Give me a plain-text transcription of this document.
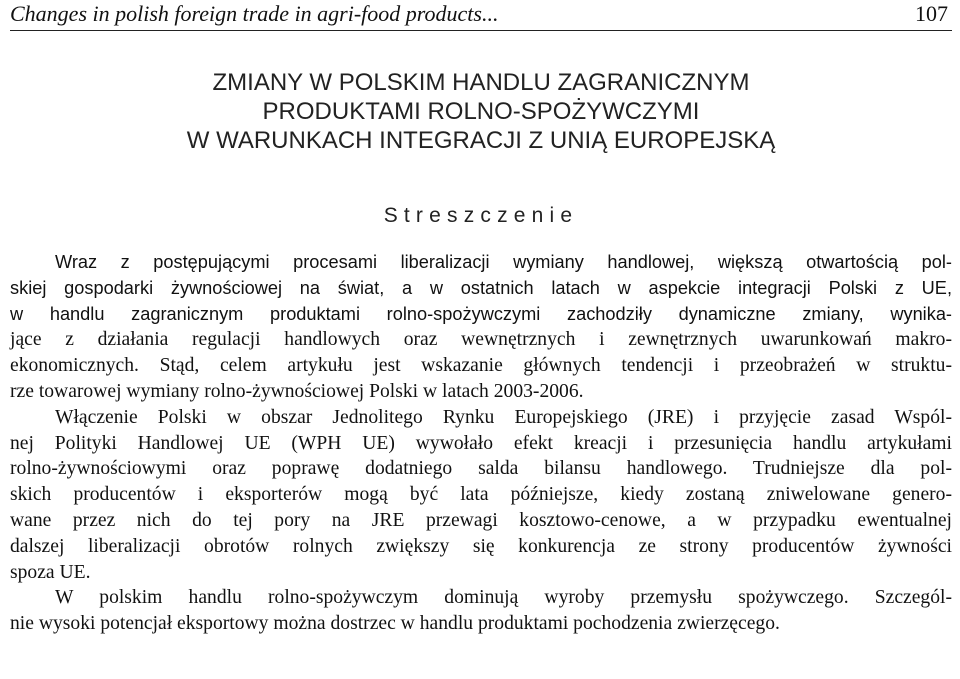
Changes in polish foreign trade in agri-food products...	107
ZMIANY W POLSKIM HANDLU ZAGRANICZNYM
PRODUKTAMI ROLNO-SPOŻYWCZYMI
W WARUNKACH INTEGRACJI Z UNIĄ EUROPEJSKĄ
Streszczenie
Wraz z postępującymi procesami liberalizacji wymiany handlowej, większą otwartością pol-
skiej gospodarki żywnościowej na świat, a w ostatnich latach w aspekcie integracji Polski z UE,
w handlu zagranicznym produktami rolno-spożywczymi zachodziły dynamiczne zmiany, wynika-
jące z działania regulacji handlowych oraz wewnętrznych i zewnętrznych uwarunkowań makro-
ekonomicznych. Stąd, celem artykułu jest wskazanie głównych tendencji i przeobrażeń w struktu-
rze towarowej wymiany rolno-żywnościowej Polski w latach 2003-2006.
Włączenie Polski w obszar Jednolitego Rynku Europejskiego (JRE) i przyjęcie zasad Wspól-
nej Polityki Handlowej UE (WPH UE) wywołało efekt kreacji i przesunięcia handlu artykułami
rolno-żywnościowymi oraz poprawę dodatniego salda bilansu handlowego. Trudniejsze dla pol-
skich producentów i eksporterów mogą być lata późniejsze, kiedy zostaną zniwelowane genero-
wane przez nich do tej pory na JRE przewagi kosztowo-cenowe, a w przypadku ewentualnej
dalszej liberalizacji obrotów rolnych zwiększy się konkurencja ze strony producentów żywności
spoza UE.
W polskim handlu rolno-spożywczym dominują wyroby przemysłu spożywczego. Szczegól-
nie wysoki potencjał eksportowy można dostrzec w handlu produktami pochodzenia zwierzęcego.
